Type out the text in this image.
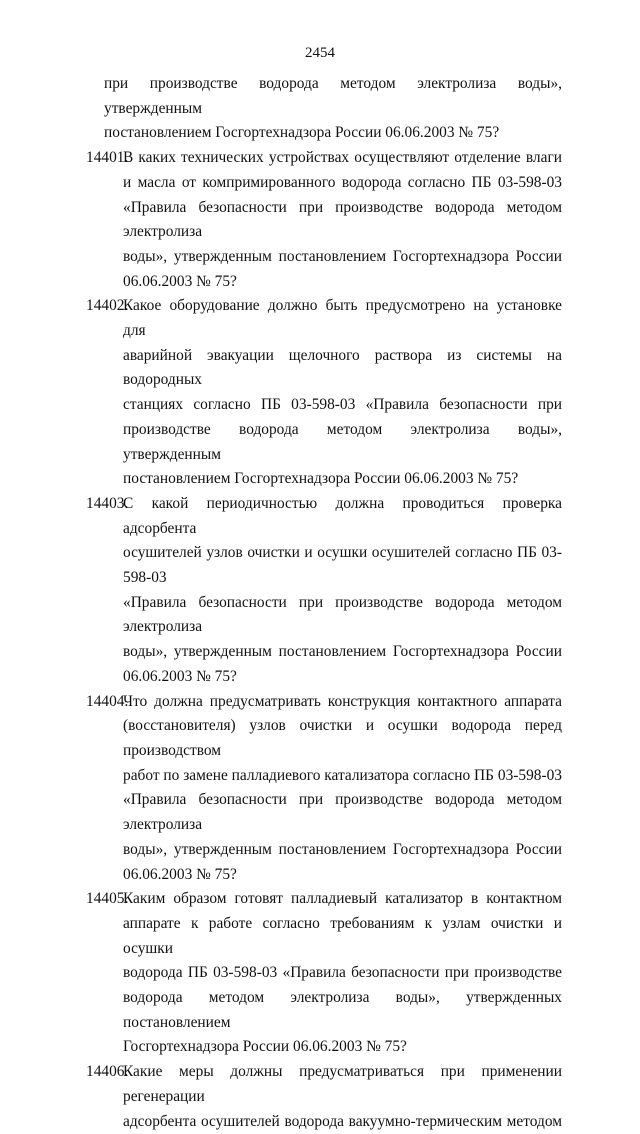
2454
при производстве водорода методом электролиза воды», утвержденным
постановлением Госгортехнадзора России 06.06.2003 № 75?
14401.
В каких технических устройствах осуществляют отделение влаги
и масла от компримированного водорода согласно ПБ 03-598-03
«Правила безопасности при производстве водорода методом электролиза
воды», утвержденным постановлением Госгортехнадзора России
06.06.2003 № 75?
14402.
Какое оборудование должно быть предусмотрено на установке для
аварийной эвакуации щелочного раствора из системы на водородных
станциях согласно ПБ 03-598-03 «Правила безопасности при
производстве водорода методом электролиза воды», утвержденным
постановлением Госгортехнадзора России 06.06.2003 № 75?
14403.
С какой периодичностью должна проводиться проверка адсорбента
осушителей узлов очистки и осушки осушителей согласно ПБ 03-598-03
«Правила безопасности при производстве водорода методом электролиза
воды», утвержденным постановлением Госгортехнадзора России
06.06.2003 № 75?
14404.
Что должна предусматривать конструкция контактного аппарата
(восстановителя) узлов очистки и осушки водорода перед производством
работ по замене палладиевого катализатора согласно ПБ 03-598-03
«Правила безопасности при производстве водорода методом электролиза
воды», утвержденным постановлением Госгортехнадзора России
06.06.2003 № 75?
14405.
Каким образом готовят палладиевый катализатор в контактном
аппарате к работе согласно требованиям к узлам очистки и осушки
водорода ПБ 03-598-03 «Правила безопасности при производстве
водорода методом электролиза воды», утвержденных постановлением
Госгортехнадзора России 06.06.2003 № 75?
14406.
Какие меры должны предусматриваться при применении регенерации
адсорбента осушителей водорода вакуумно-термическим методом
